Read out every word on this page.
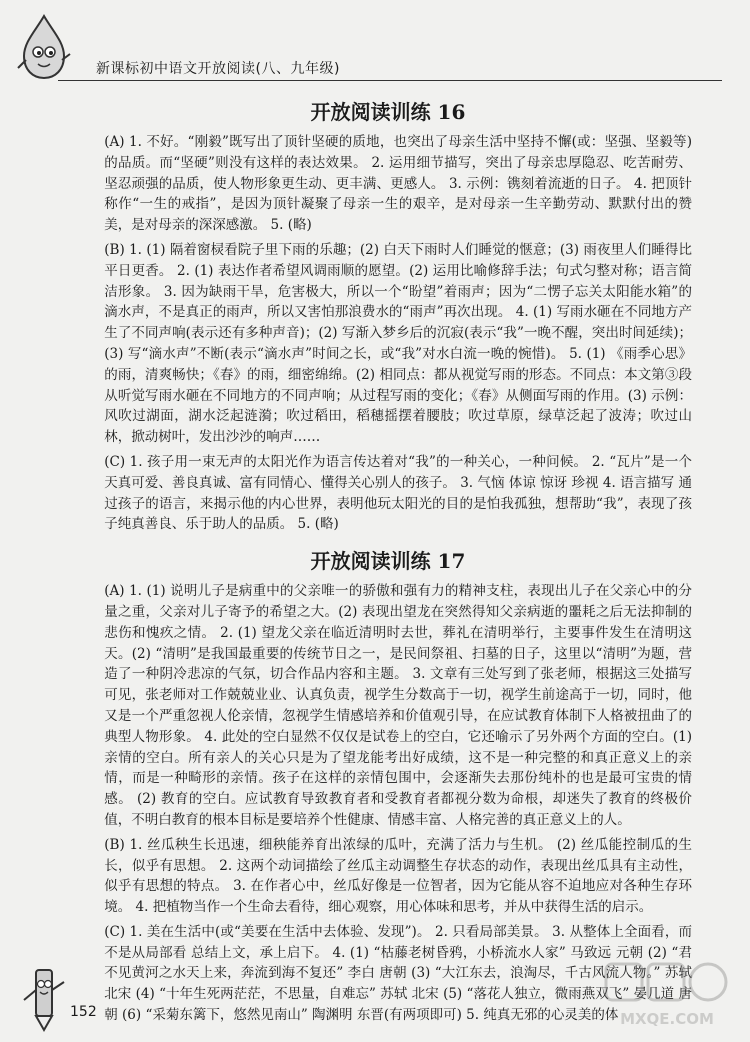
新课标初中语文开放阅读(八、九年级)
开放阅读训练 16

(A) 1. 不好。“刚毅”既写出了顶针坚硬的质地，也突出了母亲生活中坚持不懈(或：坚强、坚毅等)的品质。而“坚硬”则没有这样的表达效果。 2. 运用细节描写，突出了母亲忠厚隐忍、吃苦耐劳、坚忍顽强的品质，使人物形象更生动、更丰满、更感人。 3. 示例：镌刻着流逝的日子。 4. 把顶针称作“一生的戒指”，是因为顶针凝聚了母亲一生的艰辛，是对母亲一生辛勤劳动、默默付出的赞美，是对母亲的深深感激。 5. (略)

(B) 1. (1) 隔着窗棂看院子里下雨的乐趣；(2) 白天下雨时人们睡觉的惬意；(3) 雨夜里人们睡得比平日更香。 2. (1) 表达作者希望风调雨顺的愿望。(2) 运用比喻修辞手法；句式匀整对称；语言简洁形象。 3. 因为缺雨干旱，危害极大，所以一个“盼望”着雨声；因为“二愣子忘关太阳能水箱”的滴水声，不是真正的雨声，所以又害怕那浪费水的“雨声”再次出现。 4. (1) 写雨水砸在不同地方产生了不同声响(表示还有多种声音)；(2) 写渐入梦乡后的沉寂(表示“我”一晚不醒，突出时间延续)；(3) 写“滴水声”不断(表示“滴水声”时间之长，或“我”对水白流一晚的惋惜)。 5. (1) 《雨季心思》的雨，清爽畅快；《春》的雨，细密绵绵。(2) 相同点：都从视觉写雨的形态。不同点：本文第③段从听觉写雨水砸在不同地方的不同声响；从过程写雨的变化；《春》从侧面写雨的作用。(3) 示例：风吹过湖面，湖水泛起涟漪；吹过稻田，稻穗摇摆着腰肢；吹过草原，绿草泛起了波涛；吹过山林，掀动树叶，发出沙沙的响声……

(C) 1. 孩子用一束无声的太阳光作为语言传达着对“我”的一种关心，一种问候。 2. “瓦片”是一个天真可爱、善良真诚、富有同情心、懂得关心别人的孩子。 3. 气恼 体谅 惊讶 珍视 4. 语言描写 通过孩子的语言，来揭示他的内心世界，表明他玩太阳光的目的是怕我孤独，想帮助“我”，表现了孩子纯真善良、乐于助人的品质。 5. (略)

开放阅读训练 17

(A) 1. (1) 说明儿子是病重中的父亲唯一的骄傲和强有力的精神支柱，表现出儿子在父亲心中的分量之重，父亲对儿子寄予的希望之大。(2) 表现出望龙在突然得知父亲病逝的噩耗之后无法抑制的悲伤和愧疚之情。 2. (1) 望龙父亲在临近清明时去世，葬礼在清明举行，主要事件发生在清明这天。(2) “清明”是我国最重要的传统节日之一，是民间祭祖、扫墓的日子，这里以“清明”为题，营造了一种阴冷悲凉的气氛，切合作品内容和主题。 3. 文章有三处写到了张老师，根据这三处描写可见，张老师对工作兢兢业业、认真负责，视学生分数高于一切，视学生前途高于一切，同时，他又是一个严重忽视人伦亲情，忽视学生情感培养和价值观引导，在应试教育体制下人格被扭曲了的典型人物形象。 4. 此处的空白显然不仅仅是试卷上的空白，它还喻示了另外两个方面的空白。(1) 亲情的空白。所有亲人的关心只是为了望龙能考出好成绩，这不是一种完整的和真正意义上的亲情，而是一种畸形的亲情。孩子在这样的亲情包围中，会逐渐失去那份纯朴的也是最可宝贵的情感。 (2) 教育的空白。应试教育导致教育者和受教育者都视分数为命根，却迷失了教育的终极价值，不明白教育的根本目标是要培养个性健康、情感丰富、人格完善的真正意义上的人。

(B) 1. 丝瓜秧生长迅速，细秧能养育出浓绿的瓜叶，充满了活力与生机。 (2) 丝瓜能控制瓜的生长，似乎有思想。 2. 这两个动词描绘了丝瓜主动调整生存状态的动作，表现出丝瓜具有主动性，似乎有思想的特点。 3. 在作者心中，丝瓜好像是一位智者，因为它能从容不迫地应对各种生存环境。 4. 把植物当作一个生命去看待，细心观察，用心体味和思考，并从中获得生活的启示。

(C) 1. 美在生活中(或“美要在生活中去体验、发现”)。 2. 只看局部美景。 3. 从整体上全面看，而不是从局部看 总结上文，承上启下。 4. (1) “枯藤老树昏鸦，小桥流水人家” 马致远 元朝 (2) “君不见黄河之水天上来，奔流到海不复还” 李白 唐朝 (3) “大江东去，浪淘尽，千古风流人物。” 苏轼 北宋 (4) “十年生死两茫茫，不思量，自难忘” 苏轼 北宋 (5) “落花人独立，微雨燕双飞” 晏几道 唐朝 (6) “采菊东篱下，悠然见南山” 陶渊明 东晋(有两项即可) 5. 纯真无邪的心灵美的体

152	MXQE.COM
